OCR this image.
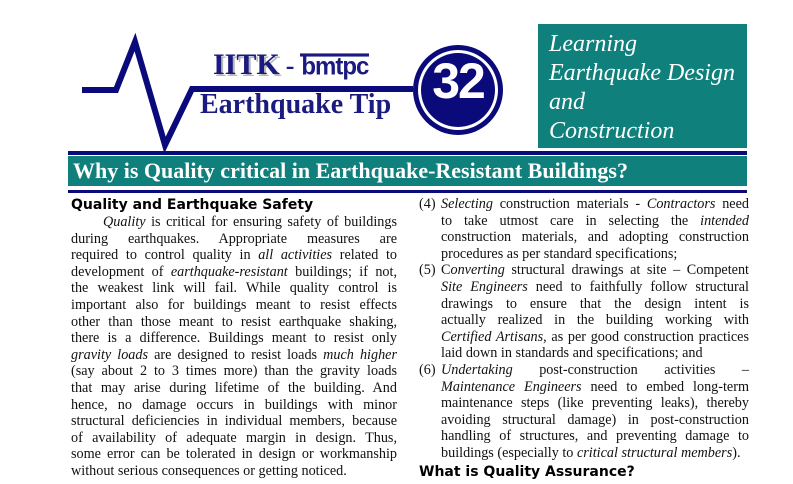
IITK - bmtpc
Earthquake Tip 32
Learning
Earthquake Design
and
Construction
Why is Quality critical in Earthquake-Resistant Buildings?
Quality and Earthquake Safety
Quality is critical for ensuring safety of buildings
during earthquakes. Appropriate measures are
required to control quality in all activities related to
development of earthquake-resistant buildings; if not,
the weakest link will fail. While quality control is
important also for buildings meant to resist effects
other than those meant to resist earthquake shaking,
there is a difference. Buildings meant to resist only
gravity loads are designed to resist loads much higher
(say about 2 to 3 times more) than the gravity loads
that may arise during lifetime of the building. And
hence, no damage occurs in buildings with minor
structural deficiencies in individual members, because
of availability of adequate margin in design. Thus,
some error can be tolerated in design or workmanship
without serious consequences or getting noticed.
(4) Selecting construction materials - Contractors need
to take utmost care in selecting the intended
construction materials, and adopting construction
procedures as per standard specifications;
(5) Converting structural drawings at site – Competent
Site Engineers need to faithfully follow structural
drawings to ensure that the design intent is
actually realized in the building working with
Certified Artisans, as per good construction practices
laid down in standards and specifications; and
(6) Undertaking post-construction activities –
Maintenance Engineers need to embed long-term
maintenance steps (like preventing leaks), thereby
avoiding structural damage) in post-construction
handling of structures, and preventing damage to
buildings (especially to critical structural members).
What is Quality Assurance?
